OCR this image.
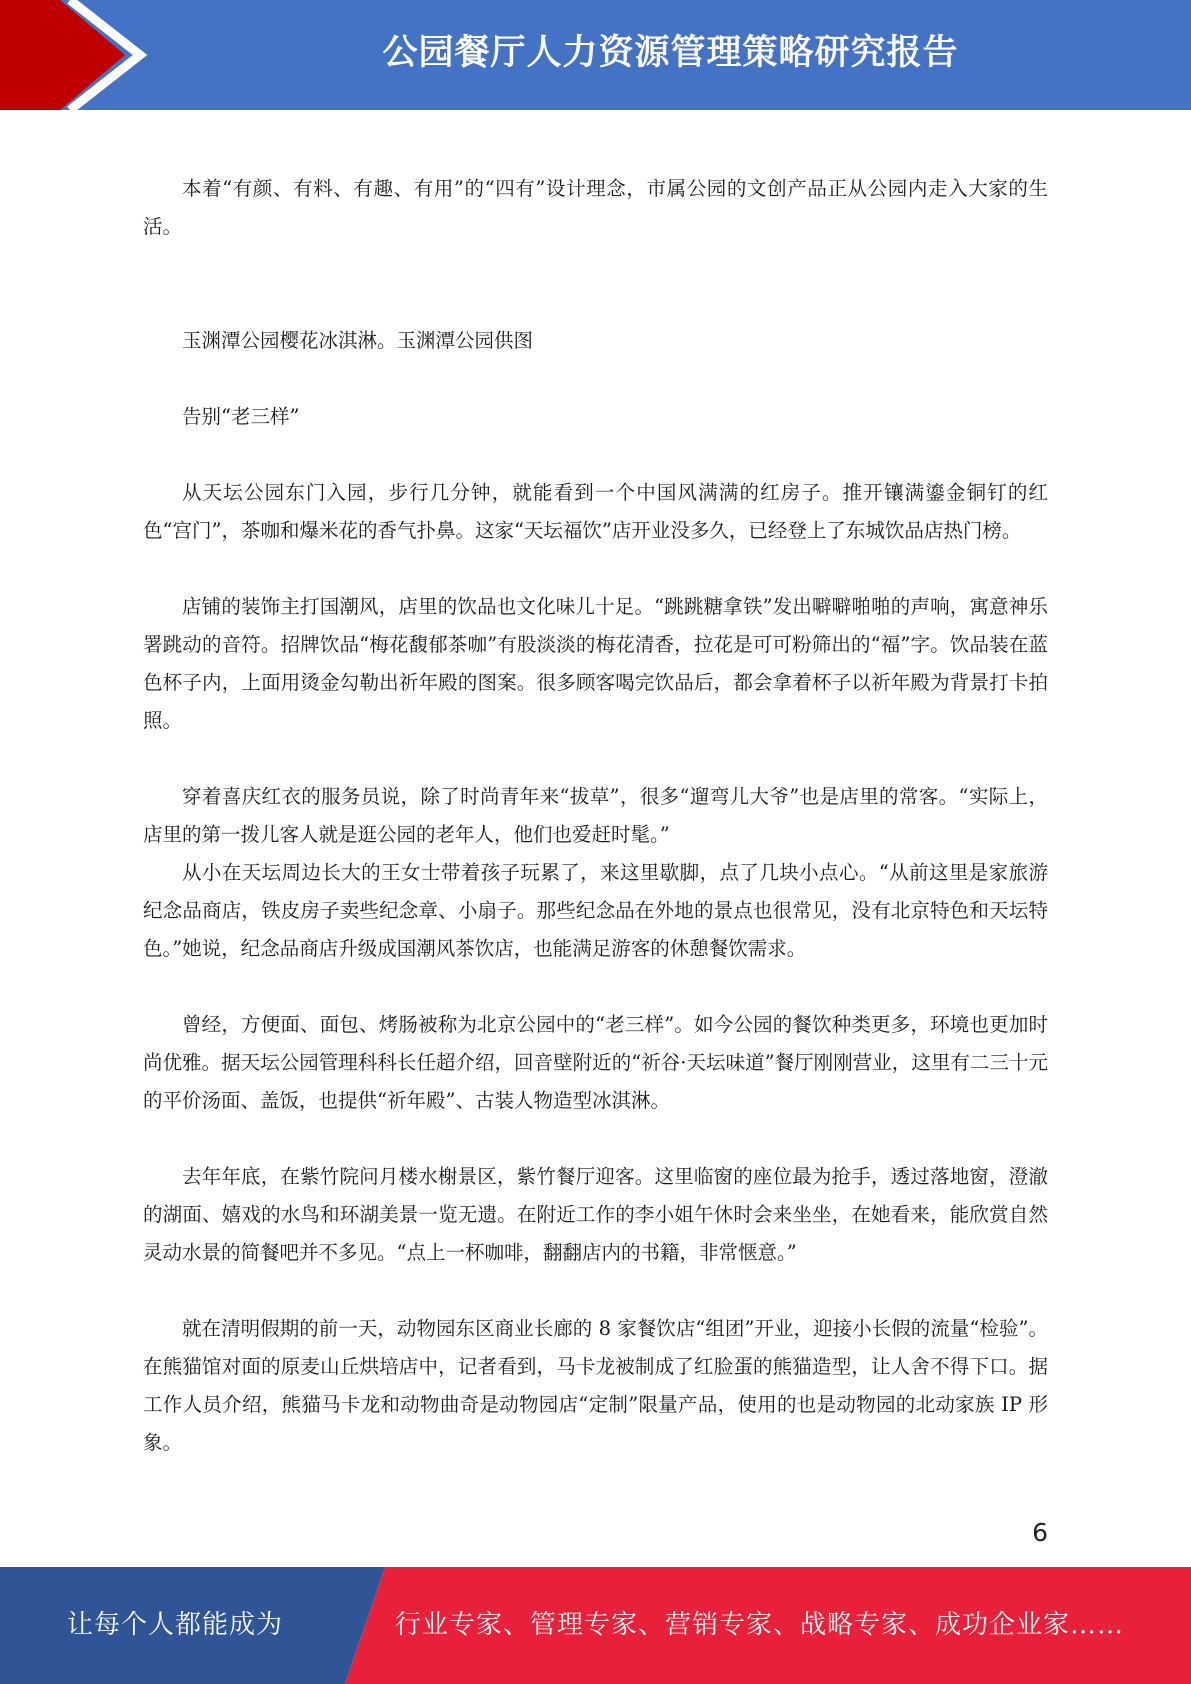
公园餐厅人力资源管理策略研究报告

本着“有颜、有料、有趣、有用”的“四有”设计理念，市属公园的文创产品正从公园内走入大家的生活。

玉渊潭公园樱花冰淇淋。玉渊潭公园供图

告别“老三样”

从天坛公园东门入园，步行几分钟，就能看到一个中国风满满的红房子。推开镶满鎏金铜钉的红色“宫门”，茶咖和爆米花的香气扑鼻。这家“天坛福饮”店开业没多久，已经登上了东城饮品店热门榜。

店铺的装饰主打国潮风，店里的饮品也文化味儿十足。“跳跳糖拿铁”发出噼噼啪啪的声响，寓意神乐署跳动的音符。招牌饮品“梅花馥郁茶咖”有股淡淡的梅花清香，拉花是可可粉筛出的“福”字。饮品装在蓝色杯子内，上面用烫金勾勒出祈年殿的图案。很多顾客喝完饮品后，都会拿着杯子以祈年殿为背景打卡拍照。

穿着喜庆红衣的服务员说，除了时尚青年来“拔草”，很多“遛弯儿大爷”也是店里的常客。“实际上，店里的第一拨儿客人就是逛公园的老年人，他们也爱赶时髦。”

从小在天坛周边长大的王女士带着孩子玩累了，来这里歇脚，点了几块小点心。“从前这里是家旅游纪念品商店，铁皮房子卖些纪念章、小扇子。那些纪念品在外地的景点也很常见，没有北京特色和天坛特色。”她说，纪念品商店升级成国潮风茶饮店，也能满足游客的休憩餐饮需求。

曾经，方便面、面包、烤肠被称为北京公园中的“老三样”。如今公园的餐饮种类更多，环境也更加时尚优雅。据天坛公园管理科科长任超介绍，回音壁附近的“祈谷·天坛味道”餐厅刚刚营业，这里有二三十元的平价汤面、盖饭，也提供“祈年殿”、古装人物造型冰淇淋。

去年年底，在紫竹院问月楼水榭景区，紫竹餐厅迎客。这里临窗的座位最为抢手，透过落地窗，澄澈的湖面、嬉戏的水鸟和环湖美景一览无遗。在附近工作的李小姐午休时会来坐坐，在她看来，能欣赏自然灵动水景的简餐吧并不多见。“点上一杯咖啡，翻翻店内的书籍，非常惬意。”

就在清明假期的前一天，动物园东区商业长廊的 8 家餐饮店“组团”开业，迎接小长假的流量“检验”。在熊猫馆对面的原麦山丘烘培店中，记者看到，马卡龙被制成了红脸蛋的熊猫造型，让人舍不得下口。据工作人员介绍，熊猫马卡龙和动物曲奇是动物园店“定制”限量产品，使用的也是动物园的北动家族 IP 形象。

6
让每个人都能成为	行业专家、管理专家、营销专家、战略专家、成功企业家……
